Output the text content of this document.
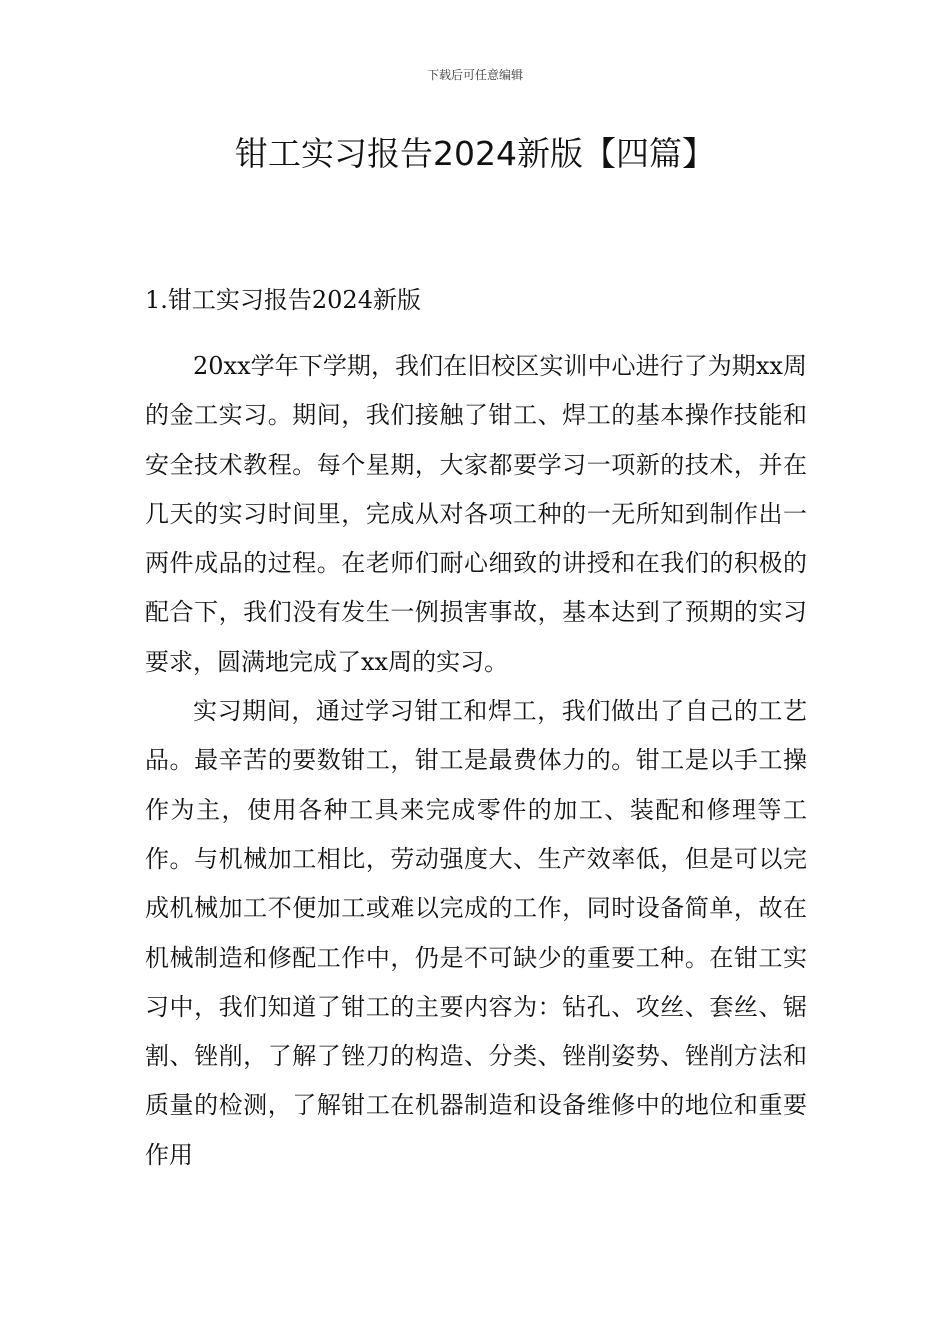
下载后可任意编辑
钳工实习报告2024新版【四篇】
1.钳工实习报告2024新版

20xx学年下学期，我们在旧校区实训中心进行了为期xx周的金工实习。期间，我们接触了钳工、焊工的基本操作技能和安全技术教程。每个星期，大家都要学习一项新的技术，并在几天的实习时间里，完成从对各项工种的一无所知到制作出一两件成品的过程。在老师们耐心细致的讲授和在我们的积极的配合下，我们没有发生一例损害事故，基本达到了预期的实习要求，圆满地完成了xx周的实习。

实习期间，通过学习钳工和焊工，我们做出了自己的工艺品。最辛苦的要数钳工，钳工是最费体力的。钳工是以手工操作为主，使用各种工具来完成零件的加工、装配和修理等工作。与机械加工相比，劳动强度大、生产效率低，但是可以完成机械加工不便加工或难以完成的工作，同时设备简单，故在机械制造和修配工作中，仍是不可缺少的重要工种。在钳工实习中，我们知道了钳工的主要内容为：钻孔、攻丝、套丝、锯割、锉削，了解了锉刀的构造、分类、锉削姿势、锉削方法和质量的检测，了解钳工在机器制造和设备维修中的地位和重要作用
